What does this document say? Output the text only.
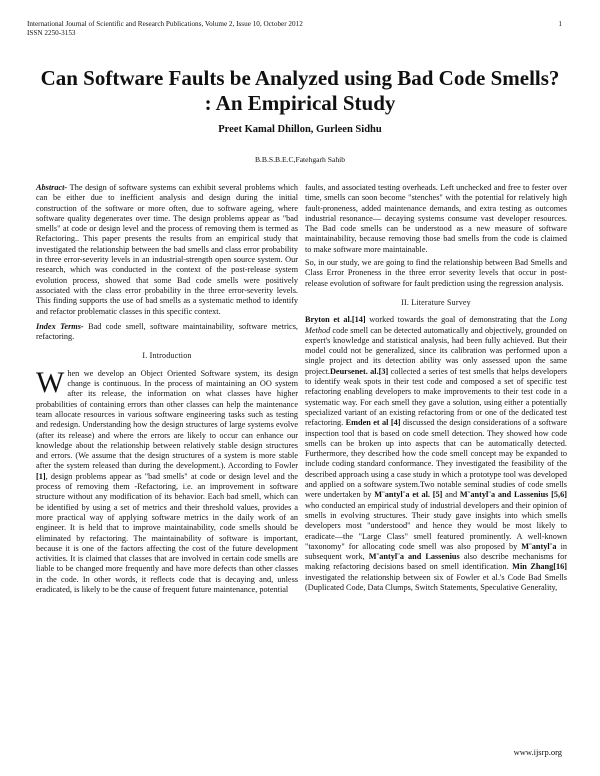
International Journal of Scientific and Research Publications, Volume 2, Issue 10, October 2012
ISSN 2250-3153
1
Can Software Faults be Analyzed using Bad Code Smells? : An Empirical Study
Preet Kamal Dhillon, Gurleen Sidhu
B.B.S.B.E.C,Fatehgarh Sahib

Abstract- The design of software systems can exhibit several problems which can be either due to inefficient analysis and design during the initial construction of the software or more often, due to software ageing, where software quality degenerates over time. The design problems appear as "bad smells" at code or design level and the process of removing them is termed as Refactoring.. This paper presents the results from an empirical study that investigated the relationship between the bad smells and class error probability in three error-severity levels in an industrial-strength open source system. Our research, which was conducted in the context of the post-release system evolution process, showed that some Bad code smells were positively associated with the class error probability in the three error-severity levels. This finding supports the use of bad smells as a systematic method to identify and refactor problematic classes in this specific context.

Index Terms- Bad code smell, software maintainability, software metrics, refactoring.

I. Introduction

When we develop an Object Oriented Software system, its design change is continuous. In the process of maintaining an OO system after its release, the information on what classes have higher probabilities of containing errors than other classes can help the maintenance team allocate resources in various software engineering tasks such as testing and redesign. Understanding how the design structures of large systems evolve (after its release) and where the errors are likely to occur can enhance our knowledge about the relationship between relatively stable design structures and errors. (We assume that the design structures of a system is more stable after the system released than during the development.). According to Fowler [1], design problems appear as "bad smells" at code or design level and the process of removing them -Refactoring, i.e. an improvement in software structure without any modification of its behavior. Each bad smell, which can be identified by using a set of metrics and their threshold values, provides a more practical way of applying software metrics in the daily work of an engineer. It is held that to improve maintainability, code smells should be eliminated by refactoring. The maintainability of software is important, because it is one of the factors affecting the cost of the future development activities. It is claimed that classes that are involved in certain code smells are liable to be changed more frequently and have more defects than other classes in the code. In other words, it reflects code that is decaying and, unless eradicated, is likely to be the cause of frequent future maintenance, potential

faults, and associated testing overheads. Left unchecked and free to fester over time, smells can soon become "stenches" with the potential for relatively high fault-proneness, added maintenance demands, and extra testing as outcomes industrial resonance— decaying systems consume vast developer resources. The Bad code smells can be understood as a new measure of software maintainability, because removing those bad smells from the code is claimed to make software more maintainable.

So, in our study, we are going to find the relationship between Bad Smells and Class Error Proneness in the three error severity levels that occur in post-release evolution of software for fault prediction using the regression analysis.

II. Literature Survey

Bryton et al.[14] worked towards the goal of demonstrating that the Long Method code smell can be detected automatically and objectively, grounded on expert's knowledge and statistical analysis, had been fully achieved. But their model could not be generalized, since its calibration was performed upon a single project and its detection ability was only assessed upon the same project.Deursenet. al.[3] collected a series of test smells that helps developers to identify weak spots in their test code and composed a set of specific test refactoring enabling developers to make improvements to their test code in a systematic way. For each smell they gave a solution, using either a potentially specialized variant of an existing refactoring from or one of the dedicated test refactoring. Emden et al [4] discussed the design considerations of a software inspection tool that is based on code smell detection. They showed how code smells can be broken up into aspects that can be automatically detected. Furthermore, they described how the code smell concept may be expanded to include coding standard conformance. They investigated the feasibility of the described approach using a case study in which a prototype tool was developed and applied on a software system.Two notable seminal studies of code smells were undertaken by M¨antyl¨a et al. [5] and M¨antyl¨a and Lassenius [5,6] who conducted an empirical study of industrial developers and their opinion of smells in evolving structures. Their study gave insights into which smells developers most "understood" and hence they would be most likely to eradicate—the "Large Class" smell featured prominently. A well-known "taxonomy" for allocating code smell was also proposed by M¨antyl¨a in subsequent work, M¨antyl¨a and Lassenius also describe mechanisms for making refactoring decisions based on smell identification. Min Zhang[16] investigated the relationship between six of Fowler et al.'s Code Bad Smells (Duplicated Code, Data Clumps, Switch Statements, Speculative Generality,

www.ijsrp.org
